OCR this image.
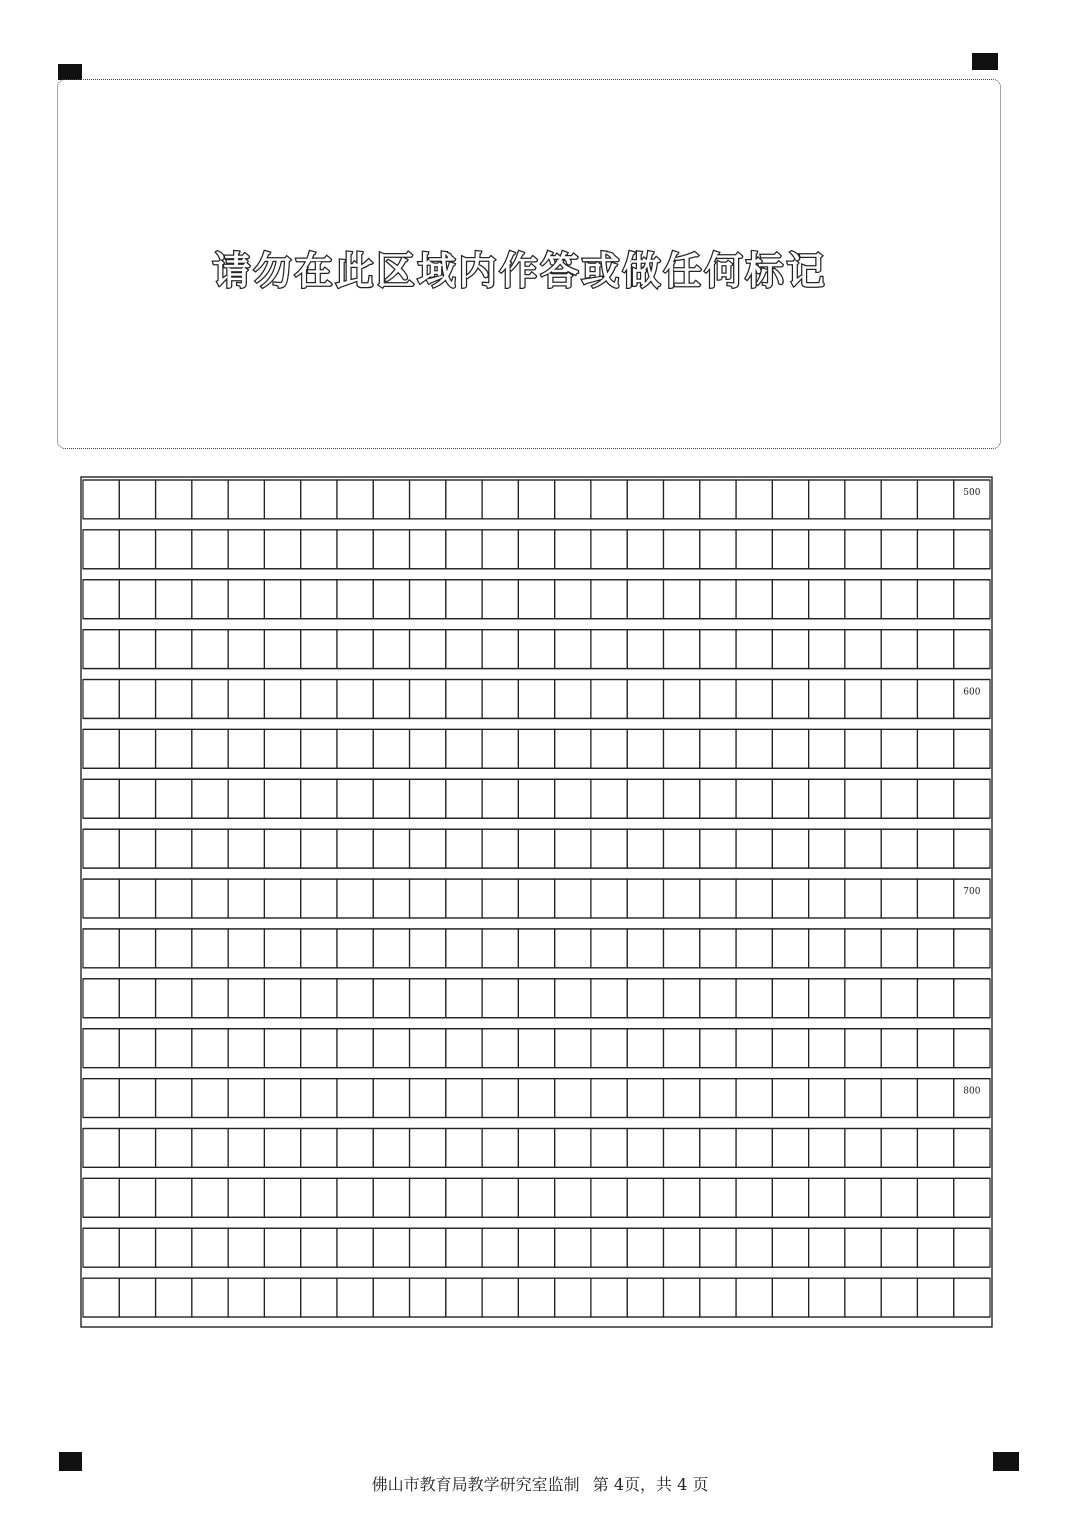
请勿在此区域内作答或做任何标记
500
600
700
800
佛山市教育局教学研究室监制 第 4页，共 4 页
